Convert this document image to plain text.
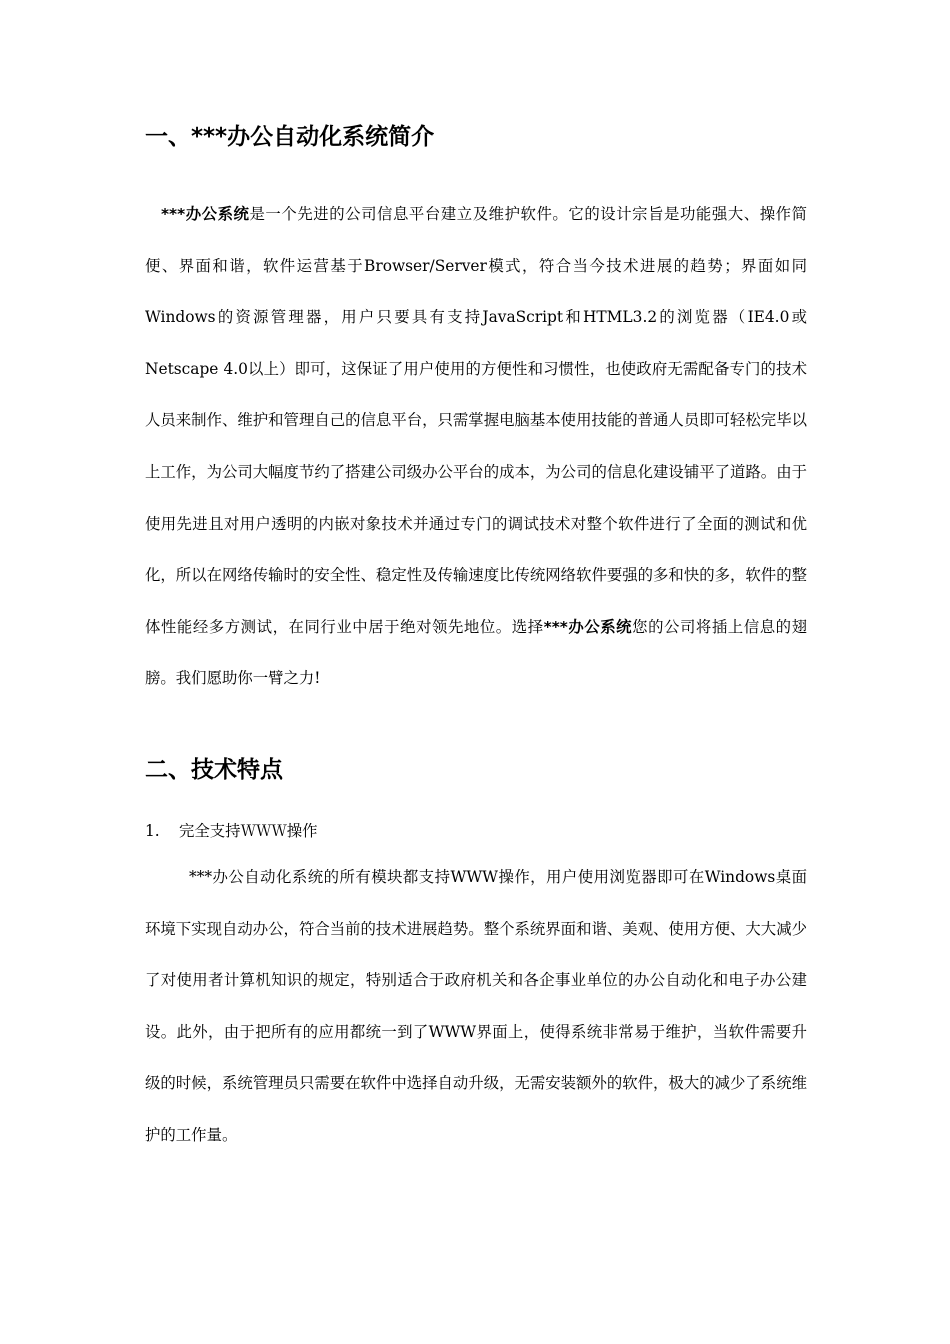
一、***办公自动化系统简介

***办公系统是一个先进的公司信息平台建立及维护软件。它的设计宗旨是功能强大、操作简便、界面和谐，软件运营基于Browser/Server模式，符合当今技术进展的趋势；界面如同Windows的资源管理器，用户只要具有支持JavaScript和HTML3.2的浏览器（IE4.0或Netscape 4.0以上）即可，这保证了用户使用的方便性和习惯性，也使政府无需配备专门的技术人员来制作、维护和管理自己的信息平台，只需掌握电脑基本使用技能的普通人员即可轻松完毕以上工作，为公司大幅度节约了搭建公司级办公平台的成本，为公司的信息化建设铺平了道路。由于使用先进且对用户透明的内嵌对象技术并通过专门的调试技术对整个软件进行了全面的测试和优化，所以在网络传输时的安全性、稳定性及传输速度比传统网络软件要强的多和快的多，软件的整体性能经多方测试，在同行业中居于绝对领先地位。选择***办公系统您的公司将插上信息的翅膀。我们愿助你一臂之力!

二、技术特点
1. 完全支持ＷＷＷ操作

***办公自动化系统的所有模块都支持WWW操作，用户使用浏览器即可在Windows桌面环境下实现自动办公，符合当前的技术进展趋势。整个系统界面和谐、美观、使用方便、大大减少了对使用者计算机知识的规定，特别适合于政府机关和各企事业单位的办公自动化和电子办公建设。此外，由于把所有的应用都统一到了WWW界面上，使得系统非常易于维护，当软件需要升级的时候，系统管理员只需要在软件中选择自动升级，无需安装额外的软件，极大的减少了系统维护的工作量。
